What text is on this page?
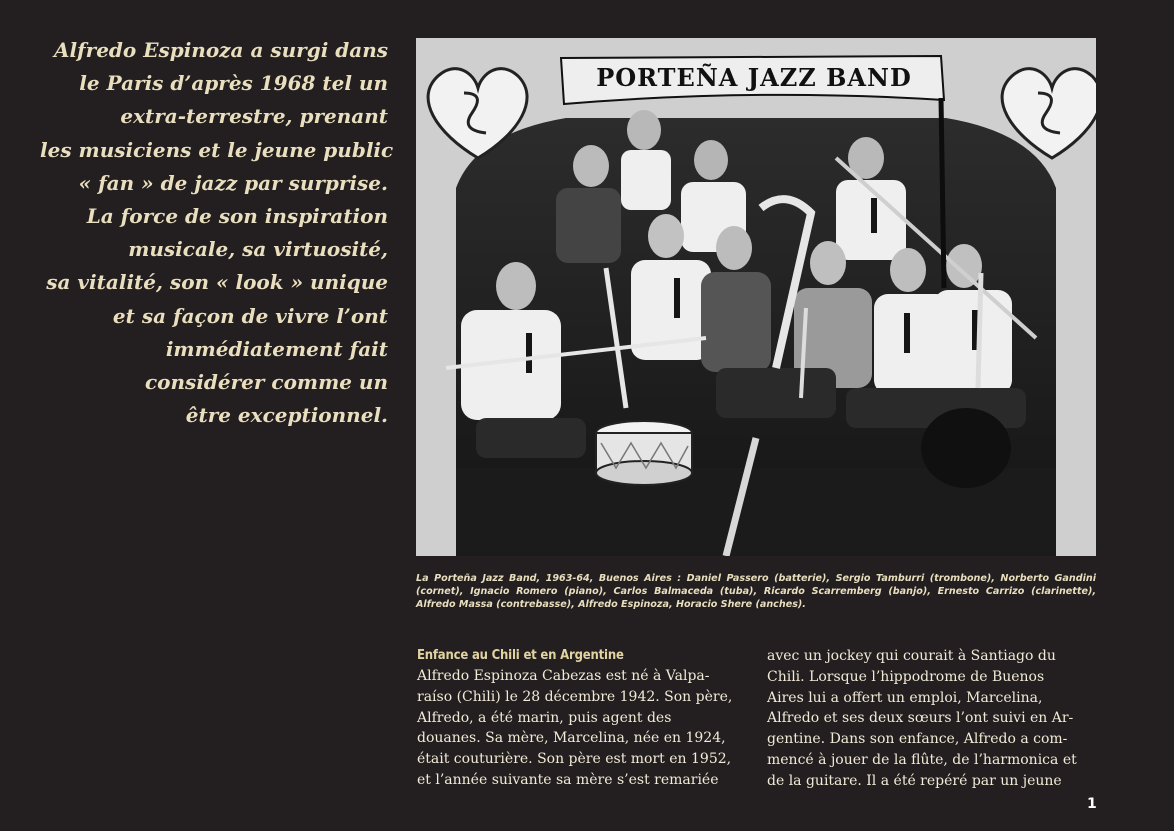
Alfredo Espinoza a surgi dans
le Paris d’après 1968 tel un
extra-terrestre, prenant
les musiciens et le jeune public
« fan » de jazz par surprise.
La force de son inspiration
musicale, sa virtuosité,
sa vitalité, son « look » unique
et sa façon de vivre l’ont
immédiatement fait
considérer comme un
être exceptionnel.
PORTEÑA JAZZ BAND

La Porteña Jazz Band, 1963-64, Buenos Aires : Daniel Passero (batterie), Sergio Tamburri (trombone), Norberto Gandini (cornet), Ignacio Romero (piano), Carlos Balmaceda (tuba), Ricardo Scarremberg (banjo), Ernesto Carrizo (clarinette), Alfredo Massa (contrebasse), Alfredo Espinoza, Horacio Shere (anches).

Enfance au Chili et en Argentine
Alfredo Espinoza Cabezas est né à Valpa-
raíso (Chili) le 28 décembre 1942. Son père,
Alfredo, a été marin, puis agent des
douanes. Sa mère, Marcelina, née en 1924,
était couturière. Son père est mort en 1952,
et l’année suivante sa mère s’est remariée
avec un jockey qui courait à Santiago du
Chili. Lorsque l’hippodrome de Buenos
Aires lui a offert un emploi, Marcelina,
Alfredo et ses deux sœurs l’ont suivi en Ar-
gentine. Dans son enfance, Alfredo a com-
mencé à jouer de la flûte, de l’harmonica et
de la guitare. Il a été repéré par un jeune
1
